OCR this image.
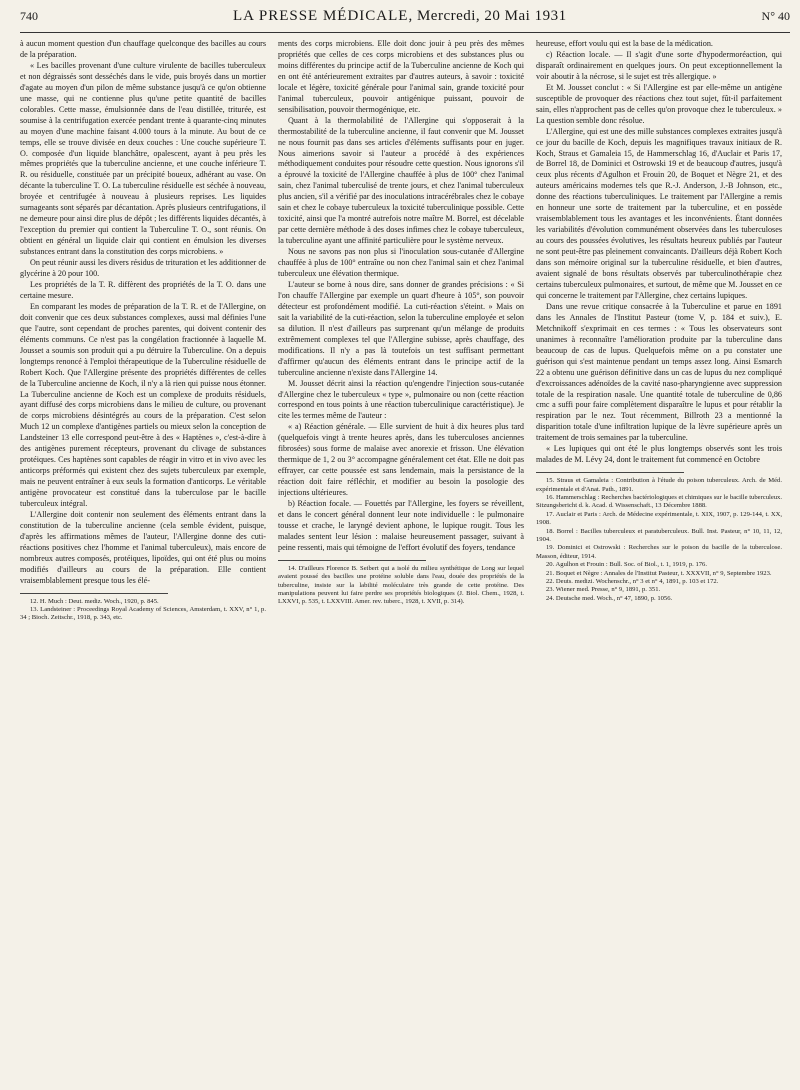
740	LA PRESSE MÉDICALE, Mercredi, 20 Mai 1931	N° 40

à aucun moment question d'un chauffage quelconque des bacilles au cours de la préparation.

« Les bacilles provenant d'une culture virulente de bacilles tuberculeux et non dégraissés sont desséchés dans le vide, puis broyés dans un mortier d'agate au moyen d'un pilon de même substance jusqu'à ce qu'on obtienne une masse, qui ne contienne plus qu'une petite quantité de bacilles colorables. Cette masse, émulsionnée dans de l'eau distillée, triturée, est soumise à la centrifugation exercée pendant trente à quarante-cinq minutes au moyen d'une machine faisant 4.000 tours à la minute. Au bout de ce temps, elle se trouve divisée en deux couches : Une couche supérieure T. O. composée d'un liquide blanchâtre, opalescent, ayant à peu près les mêmes propriétés que la tuberculine ancienne, et une couche inférieure T. R. ou résiduelle, constituée par un précipité boueux, adhérant au vase. On décante la tuberculine T. O. La tuberculine résiduelle est séchée à nouveau, broyée et centrifugée à nouveau à plusieurs reprises. Les liquides surnageants sont séparés par décantation. Après plusieurs centrifugations, il ne demeure pour ainsi dire plus de dépôt ; les différents liquides décantés, à l'exception du premier qui contient la Tuberculine T. O., sont réunis. On obtient en général un liquide clair qui contient en émulsion les diverses substances entrant dans la constitution des corps microbiens. »

On peut réunir aussi les divers résidus de trituration et les additionner de glycérine à 20 pour 100.

Les propriétés de la T. R. diffèrent des propriétés de la T. O. dans une certaine mesure.

En comparant les modes de préparation de la T. R. et de l'Allergine, on doit convenir que ces deux substances complexes, aussi mal définies l'une que l'autre, sont cependant de proches parentes, qui doivent contenir des éléments communs. Ce n'est pas la congélation fractionnée à laquelle M. Jousset a soumis son produit qui a pu détruire la Tuberculine. On a depuis longtemps renoncé à l'emploi thérapeutique de la Tuberculine résiduelle de Robert Koch. Que l'Allergine présente des propriétés différentes de celles de la Tuberculine ancienne de Koch, il n'y a là rien qui puisse nous étonner. La Tuberculine ancienne de Koch est un complexe de produits résiduels, ayant diffusé des corps microbiens dans le milieu de culture, ou provenant de corps microbiens désintégrés au cours de la préparation. C'est selon Much 12 un complexe d'antigènes partiels ou mieux selon la conception de Landsteiner 13 elle correspond peut-être à des « Haptènes », c'est-à-dire à des antigènes purement récepteurs, provenant du clivage de substances protéiques. Ces haptènes sont capables de réagir in vitro et in vivo avec les anticorps préformés qui existent chez des sujets tuberculeux par exemple, mais ne peuvent entraîner à eux seuls la formation d'anticorps. Le véritable antigène provocateur est constitué dans la tuberculose par le bacille tuberculeux intégral.

L'Allergine doit contenir non seulement des éléments entrant dans la constitution de la tuberculine ancienne (cela semble évident, puisque, d'après les affirmations mêmes de l'auteur, l'Allergine donne des cuti-réactions positives chez l'homme et l'animal tuberculeux), mais encore de nombreux autres composés, protéiques, lipoïdes, qui ont été plus ou moins modifiés d'ailleurs au cours de la préparation. Elle contient vraisemblablement presque tous les élé-

12. H. Much : Deut. mediz. Woch., 1920, p. 845.

13. Landsteiner : Proceedings Royal Academy of Sciences, Amsterdam, t. XXV, n° 1, p. 34 ; Bioch. Zeitschr., 1918, p. 343, etc.

ments des corps microbiens. Elle doit donc jouir à peu près des mêmes propriétés que celles de ces corps microbiens et des substances plus ou moins différentes du principe actif de la Tuberculine ancienne de Koch qui en ont été antérieurement extraites par d'autres auteurs, à savoir : toxicité locale et légère, toxicité générale pour l'animal sain, grande toxicité pour l'animal tuberculeux, pouvoir antigénique puissant, pouvoir de sensibilisation, pouvoir thermogénique, etc.

Quant à la thermolabilité de l'Allergine qui s'opposerait à la thermostabilité de la tuberculine ancienne, il faut convenir que M. Jousset ne nous fournit pas dans ses articles d'éléments suffisants pour en juger. Nous aimerions savoir si l'auteur a procédé à des expériences méthodiquement conduites pour résoudre cette question. Nous ignorons s'il a éprouvé la toxicité de l'Allergine chauffée à plus de 100° chez l'animal sain, chez l'animal tuberculisé de trente jours, et chez l'animal tuberculeux plus ancien, s'il a vérifié par des inoculations intracérébrales chez le cobaye sain et chez le cobaye tuberculeux la toxicité tuberculinique possible. Cette toxicité, ainsi que l'a montré autrefois notre maître M. Borrel, est décelable par cette dernière méthode à des doses infimes chez le cobaye tuberculeux, la tuberculine ayant une affinité particulière pour le système nerveux.

Nous ne savons pas non plus si l'inoculation sous-cutanée d'Allergine chauffée à plus de 100° entraîne ou non chez l'animal sain et chez l'animal tuberculeux une élévation thermique.

L'auteur se borne à nous dire, sans donner de grandes précisions : « Si l'on chauffe l'Allergine par exemple un quart d'heure à 105°, son pouvoir détecteur est profondément modifié. La cuti-réaction s'éteint. » Mais on sait la variabilité de la cuti-réaction, selon la tuberculine employée et selon sa dilution. Il n'est d'ailleurs pas surprenant qu'un mélange de produits extrêmement complexes tel que l'Allergine subisse, après chauffage, des modifications. Il n'y a pas là toutefois un test suffisant permettant d'affirmer qu'aucun des éléments entrant dans le principe actif de la tuberculine ancienne n'existe dans l'Allergine 14.

M. Jousset décrit ainsi la réaction qu'engendre l'injection sous-cutanée d'Allergine chez le tuberculeux « type », pulmonaire ou non (cette réaction correspond en tous points à une réaction tuberculinique caractéristique). Je cite les termes même de l'auteur :

« a) Réaction générale. — Elle survient de huit à dix heures plus tard (quelquefois vingt à trente heures après, dans les tuberculoses anciennes fibrosées) sous forme de malaise avec anorexie et frisson. Une élévation thermique de 1, 2 ou 3° accompagne généralement cet état. Elle ne doit pas effrayer, car cette poussée est sans lendemain, mais la persistance de la réaction doit faire réfléchir, et modifier au besoin la posologie des injections ultérieures.

b) Réaction focale. — Fouettés par l'Allergine, les foyers se réveillent, et dans le concert général donnent leur note individuelle : le pulmonaire tousse et crache, le laryngé devient aphone, le lupique rougit. Tous les malades sentent leur lésion : malaise heureusement passager, suivant à peine ressenti, mais qui témoigne de l'effort évolutif des foyers, tendance

14. D'ailleurs Florence B. Seibert qui a isolé du milieu synthétique de Long sur lequel avaient poussé des bacilles une protéine soluble dans l'eau, douée des propriétés de la tuberculine, insiste sur la labilité moléculaire très grande de cette protéine. Des manipulations peuvent lui faire perdre ses propriétés biologiques (J. Biol. Chem., 1928, t. LXXVI, p. 535, t. LXXVIII. Amer. rev. tuberc., 1928, t. XVII, p. 314).

heureuse, effort voulu qui est la base de la médication.

c) Réaction locale. — Il s'agit d'une sorte d'hypodermoréaction, qui disparaît ordinairement en quelques jours. On peut exceptionnellement la voir aboutir à la nécrose, si le sujet est très allergique. »

Et M. Jousset conclut : « Si l'Allergine est par elle-même un antigène susceptible de provoquer des réactions chez tout sujet, fût-il parfaitement sain, elles n'approchent pas de celles qu'on provoque chez le tuberculeux. » La question semble donc résolue.

L'Allergine, qui est une des mille substances complexes extraites jusqu'à ce jour du bacille de Koch, depuis les magnifiques travaux initiaux de R. Koch, Straus et Gamaleia 15, de Hammerschlag 16, d'Auclair et Paris 17, de Borrel 18, de Dominici et Ostrowski 19 et de beaucoup d'autres, jusqu'à ceux plus récents d'Agulhon et Frouin 20, de Boquet et Nègre 21, et des auteurs américains modernes tels que R.-J. Anderson, J.-B Johnson, etc., donne des réactions tuberculiniques. Le traitement par l'Allergine a remis en honneur une sorte de traitement par la tuberculine, et en possède vraisemblablement tous les avantages et les inconvénients. Étant données les variabilités d'évolution communément observées dans les tuberculoses au cours des poussées évolutives, les résultats heureux publiés par l'auteur ne sont peut-être pas pleinement convaincants. D'ailleurs déjà Robert Koch dans son mémoire original sur la tuberculine résiduelle, et bien d'autres, avaient signalé de bons résultats observés par tuberculinothérapie chez certains tuberculeux pulmonaires, et surtout, de même que M. Jousset en ce qui concerne le traitement par l'Allergine, chez certains lupiques.

Dans une revue critique consacrée à la Tuberculine et parue en 1891 dans les Annales de l'Institut Pasteur (tome V, p. 184 et suiv.), E. Metchnikoff s'exprimait en ces termes : « Tous les observateurs sont unanimes à reconnaître l'amélioration produite par la tuberculine dans beaucoup de cas de lupus. Quelquefois même on a pu constater une guérison qui s'est maintenue pendant un temps assez long. Ainsi Esmarch 22 a obtenu une guérison définitive dans un cas de lupus du nez compliqué d'excroissances adénoïdes de la cavité naso-pharyngienne avec suppression totale de la respiration nasale. Une quantité totale de tuberculine de 0,86 cmc a suffi pour faire complètement disparaître le lupus et pour rétablir la respiration par le nez. Tout récemment, Billroth 23 a mentionné la disparition totale d'une infiltration lupique de la lèvre supérieure après un traitement de trois semaines par la tuberculine.

« Les lupiques qui ont été le plus longtemps observés sont les trois malades de M. Lévy 24, dont le traitement fut commencé en Octobre

15. Straus et Gamaleia : Contribution à l'étude du poison tuberculeux. Arch. de Méd. expérimentale et d'Anat. Path., 1891.

16. Hammerschlag : Recherches bactériologiques et chimiques sur le bacille tuberculeux. Sitzungsbericht d. k. Acad. d. Wissenschaft., 13 Décembre 1888.

17. Auclair et Paris : Arch. de Médecine expérimentale, t. XIX, 1907, p. 129-144, t. XX, 1908.

18. Borrel : Bacilles tuberculeux et paratuberculeux. Bull. Inst. Pasteur, n° 10, 11, 12, 1904.

19. Dominici et Ostrowski : Recherches sur le poison du bacille de la tuberculose. Masson, éditeur, 1914.

20. Agulhon et Frouin : Bull. Soc. of Biol., t. 1, 1919, p. 176.

21. Boquet et Nègre : Annales de l'Institut Pasteur, t. XXXVII, n° 9, Septembre 1923.

22. Deuts. medizi. Wochenschr., n° 3 et n° 4, 1891, p. 103 et 172.

23. Wiener med. Presse, n° 9, 1891, p. 351.

24. Deutsche med. Woch., n° 47, 1890, p. 1056.
